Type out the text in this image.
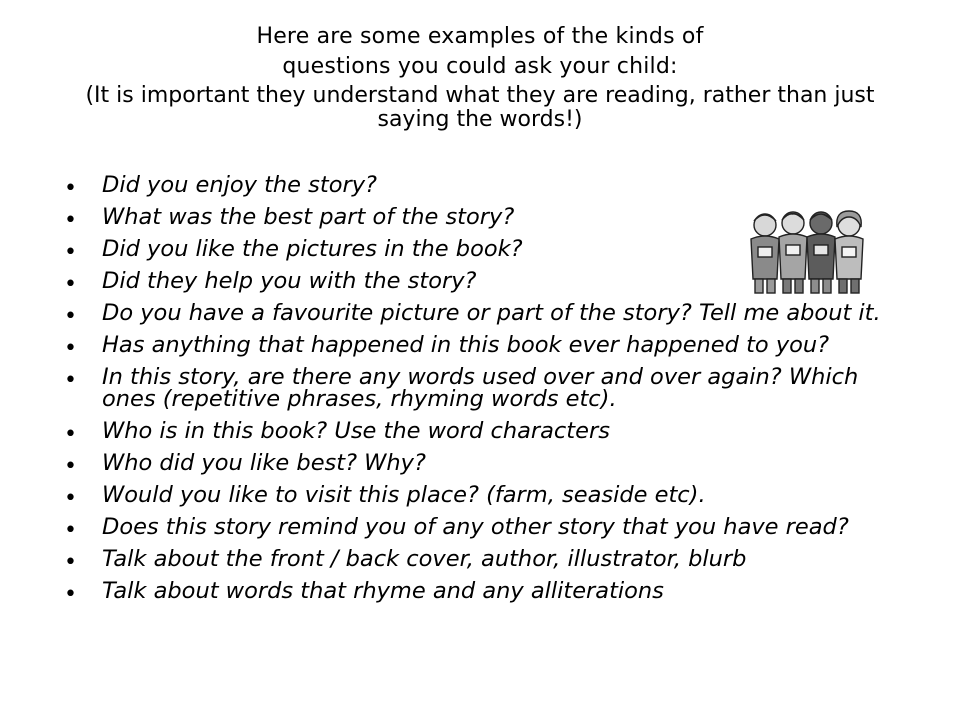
Here are some examples of the kinds of
questions you could ask your child:
(It is important they understand what they are reading, rather than just saying the words!)
• Did you enjoy the story?
• What was the best part of the story?
• Did you like the pictures in the book?
• Did they help you with the story?
• Do you have a favourite picture or part of the story? Tell me about it.
• Has anything that happened in this book ever happened to you?
• In this story, are there any words used over and over again? Which ones (repetitive phrases, rhyming words etc).
• Who is in this book? Use the word characters
• Who did you like best? Why?
• Would you like to visit this place? (farm, seaside etc).
• Does this story remind you of any other story that you have read?
• Talk about the front / back cover, author, illustrator, blurb
• Talk about words that rhyme and any alliterations
